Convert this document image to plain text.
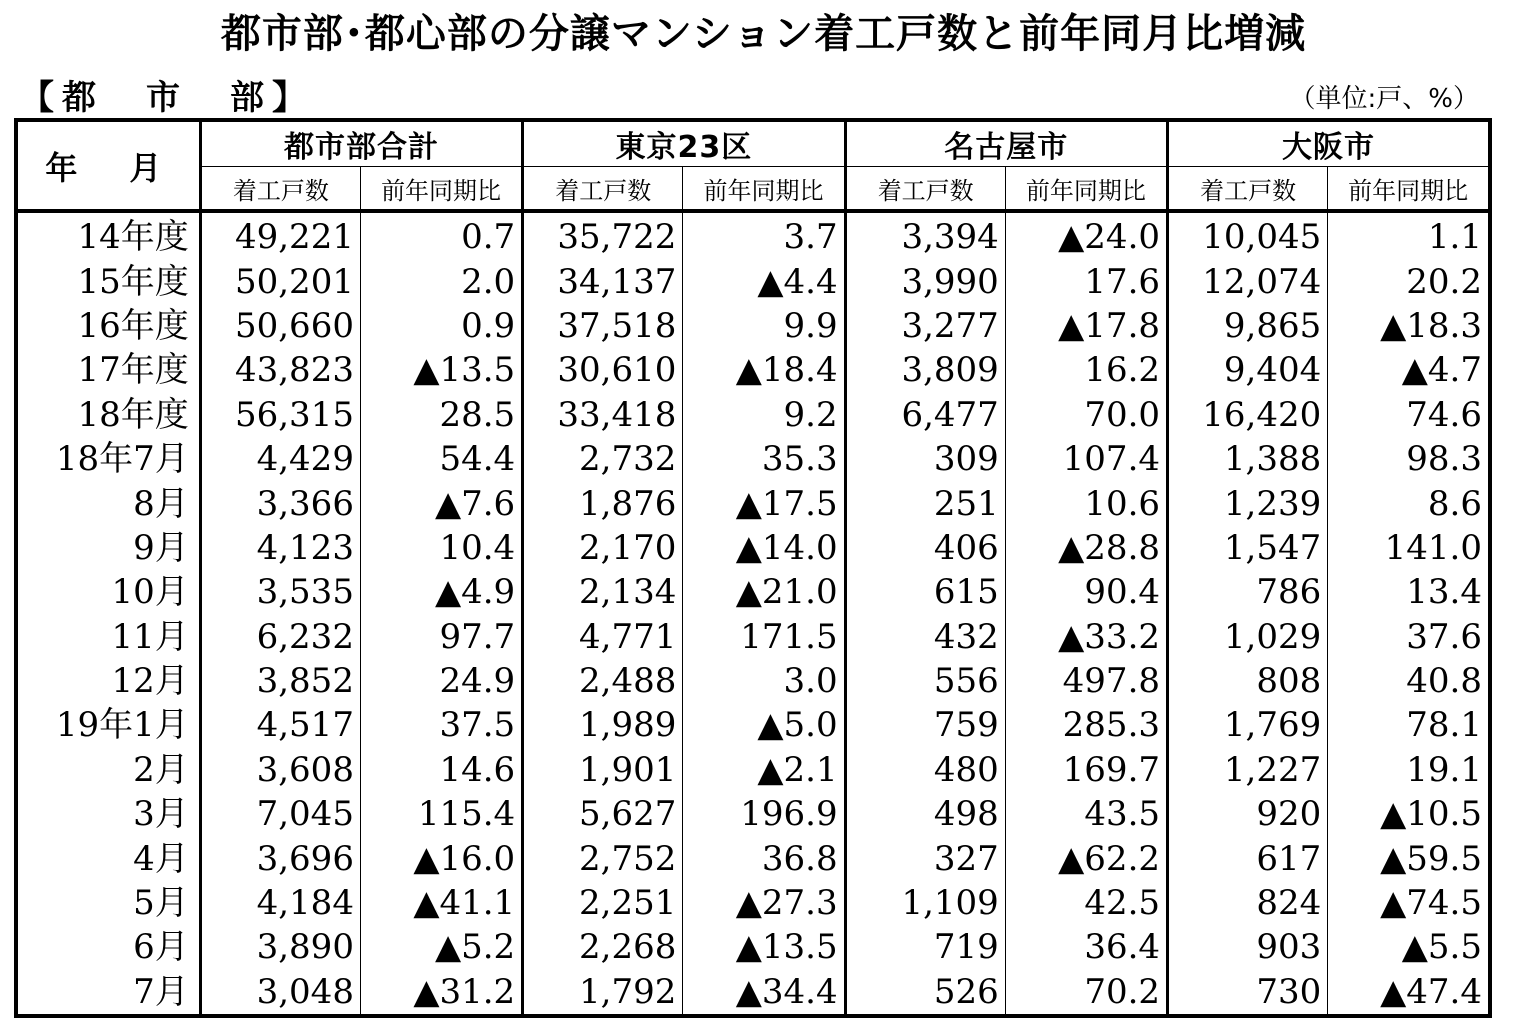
都市部･都心部の分譲マンション着工戸数と前年同月比増減
【都　市　部】	（単位:戸、%）
年　月	都市部合計		東京23区		名古屋市		大阪市	
	着工戸数	前年同期比	着工戸数	前年同期比	着工戸数	前年同期比	着工戸数	前年同期比
14年度	49,221	0.7	35,722	3.7	3,394	▲24.0	10,045	1.1
15年度	50,201	2.0	34,137	▲4.4	3,990	17.6	12,074	20.2
16年度	50,660	0.9	37,518	9.9	3,277	▲17.8	9,865	▲18.3
17年度	43,823	▲13.5	30,610	▲18.4	3,809	16.2	9,404	▲4.7
18年度	56,315	28.5	33,418	9.2	6,477	70.0	16,420	74.6
18年7月	4,429	54.4	2,732	35.3	309	107.4	1,388	98.3
8月	3,366	▲7.6	1,876	▲17.5	251	10.6	1,239	8.6
9月	4,123	10.4	2,170	▲14.0	406	▲28.8	1,547	141.0
10月	3,535	▲4.9	2,134	▲21.0	615	90.4	786	13.4
11月	6,232	97.7	4,771	171.5	432	▲33.2	1,029	37.6
12月	3,852	24.9	2,488	3.0	556	497.8	808	40.8
19年1月	4,517	37.5	1,989	▲5.0	759	285.3	1,769	78.1
2月	3,608	14.6	1,901	▲2.1	480	169.7	1,227	19.1
3月	7,045	115.4	5,627	196.9	498	43.5	920	▲10.5
4月	3,696	▲16.0	2,752	36.8	327	▲62.2	617	▲59.5
5月	4,184	▲41.1	2,251	▲27.3	1,109	42.5	824	▲74.5
6月	3,890	▲5.2	2,268	▲13.5	719	36.4	903	▲5.5
7月	3,048	▲31.2	1,792	▲34.4	526	70.2	730	▲47.4
